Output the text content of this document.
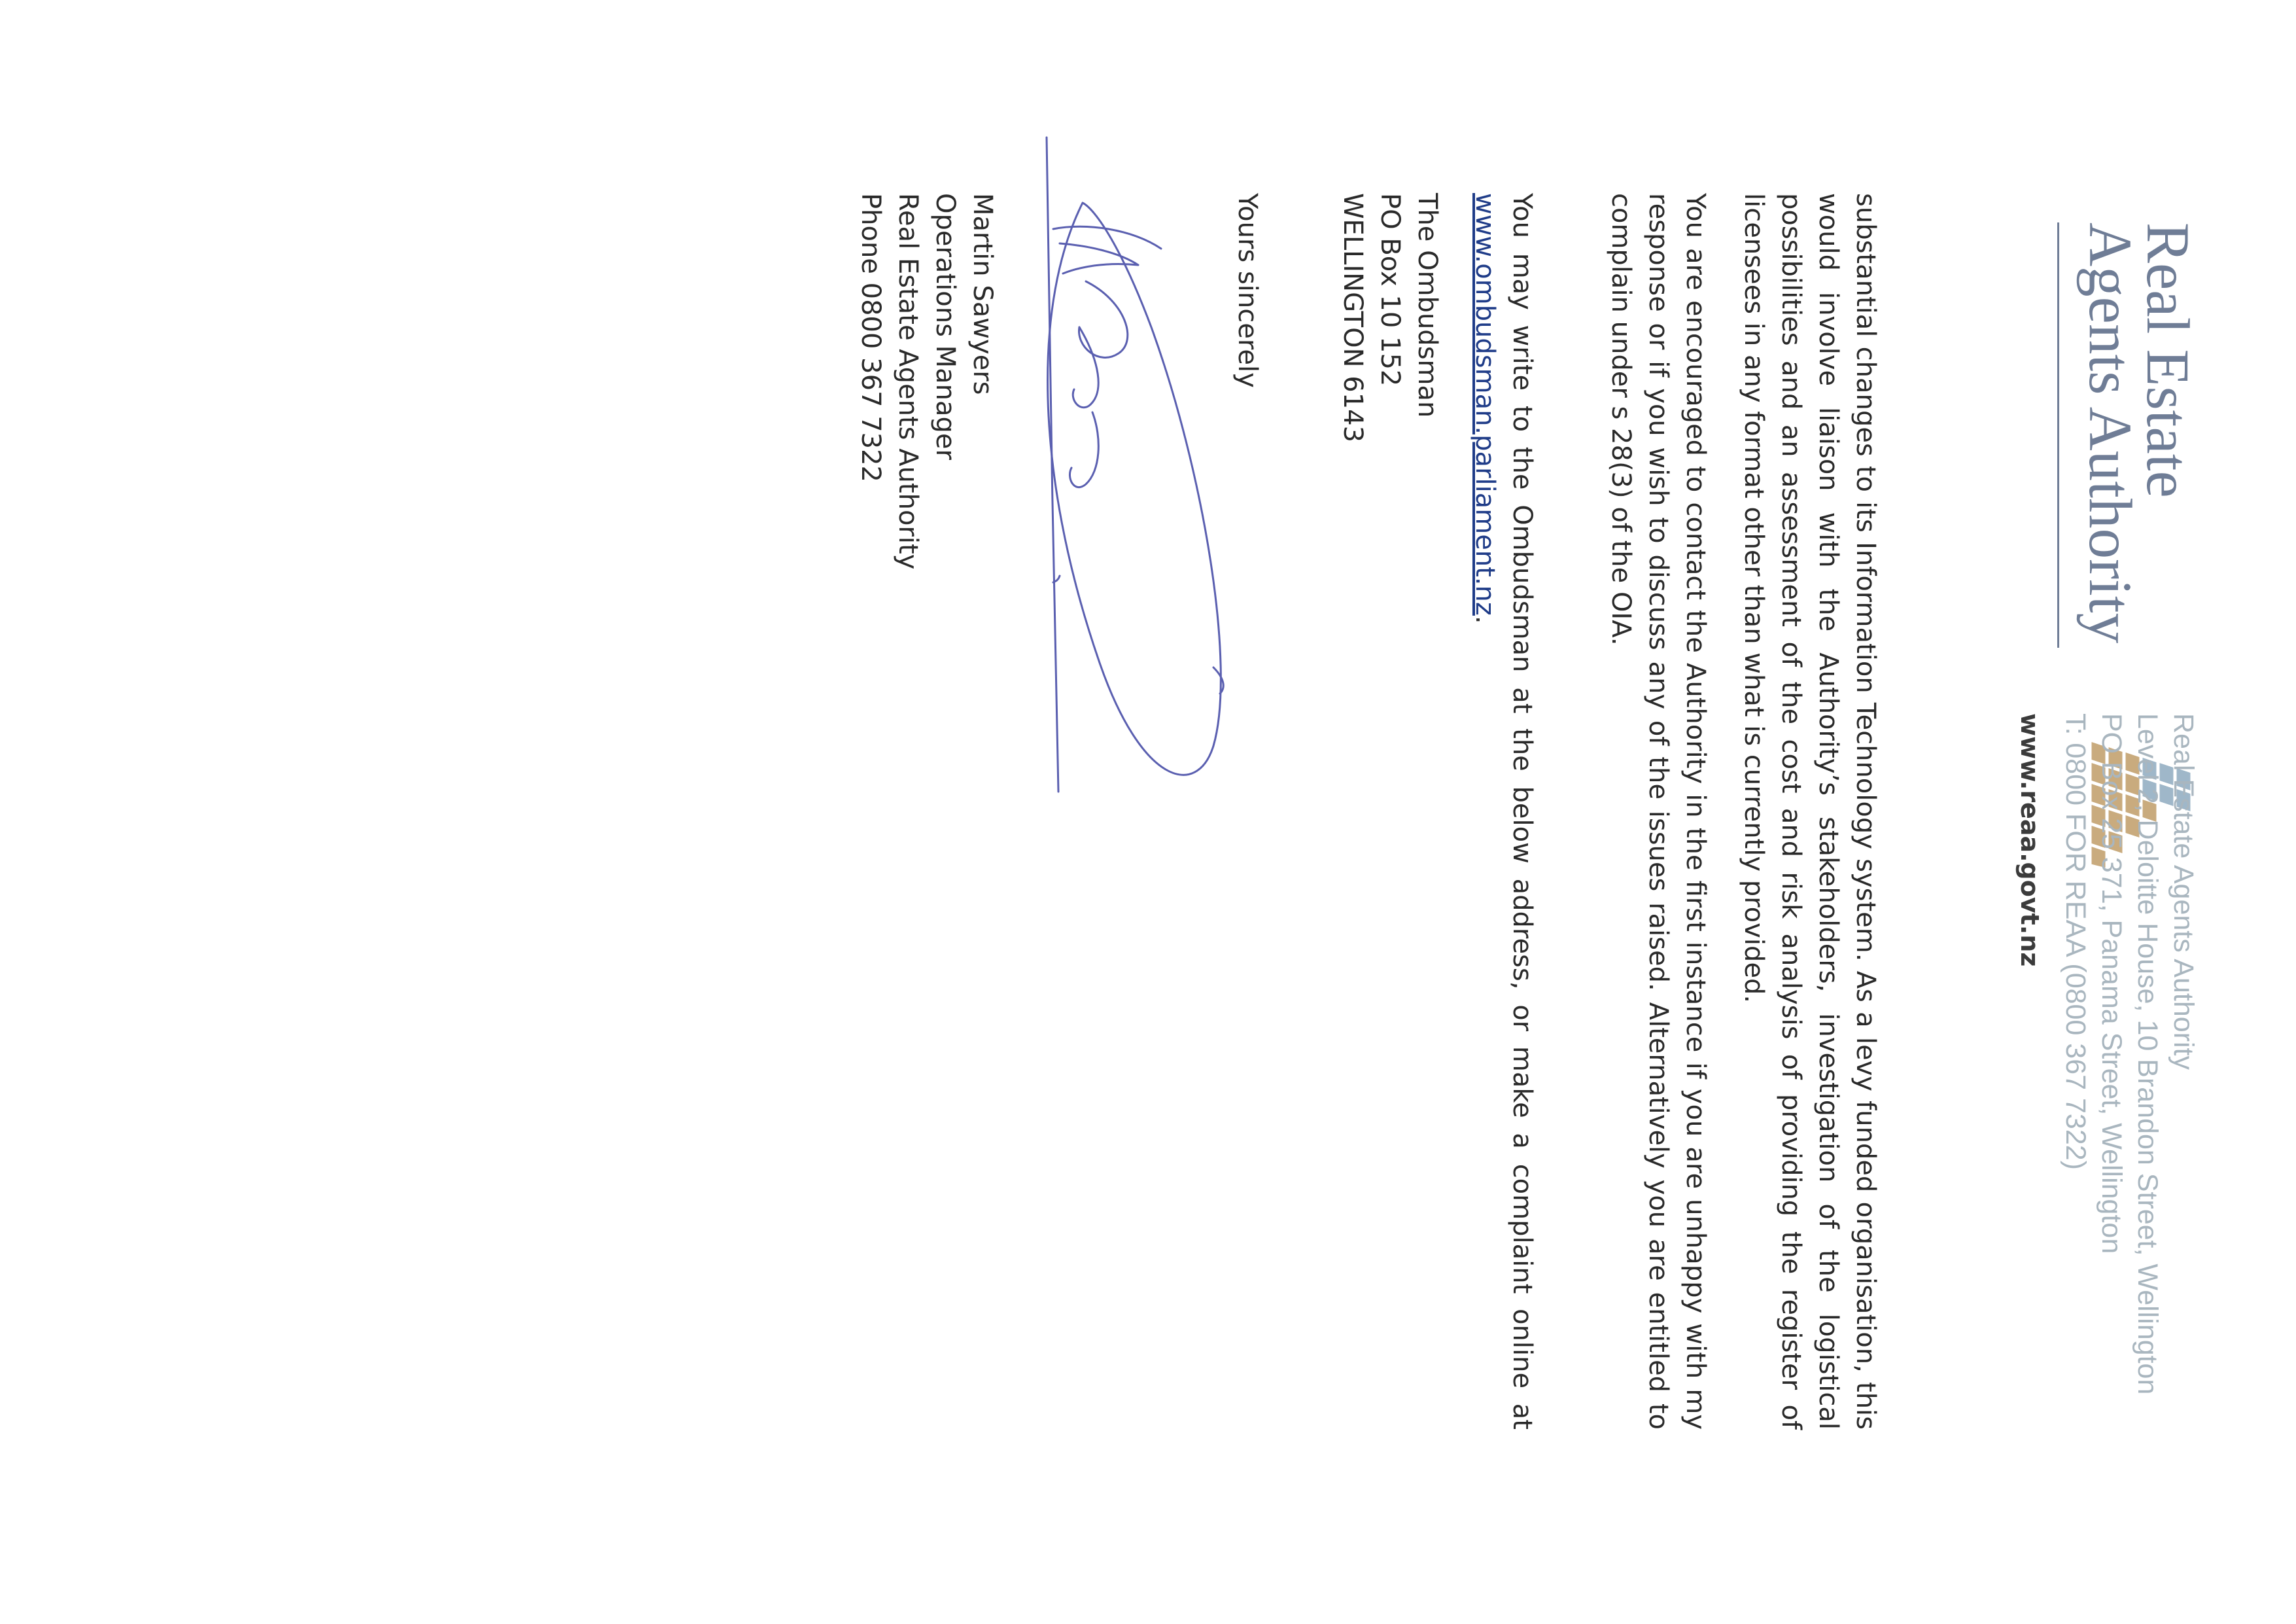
Real Estate
Agents Authority
Real Estate Agents Authority
Level 2, Deloitte House, 10 Brandon Street, Wellington
PO Box 25 371, Panama Street, Wellington
T: 0800 FOR REAA (0800 367 7322)
www.reaa.govt.nz

substantial changes to its Information Technology system. As a levy funded organisation, this would involve liaison with the Authority’s stakeholders, investigation of the logistical possibilities and an assessment of the cost and risk analysis of providing the register of licensees in any format other than what is currently provided.

You are encouraged to contact the Authority in the first instance if you are unhappy with my response or if you wish to discuss any of the issues raised. Alternatively you are entitled to complain under s 28(3) of the OIA.

You may write to the Ombudsman at the below address, or make a complaint online at www.ombudsman.parliament.nz.

The Ombudsman
PO Box 10 152
WELLINGTON 6143
Yours sincerely
Martin Sawyers
Operations Manager
Real Estate Agents Authority
Phone 0800 367 7322
